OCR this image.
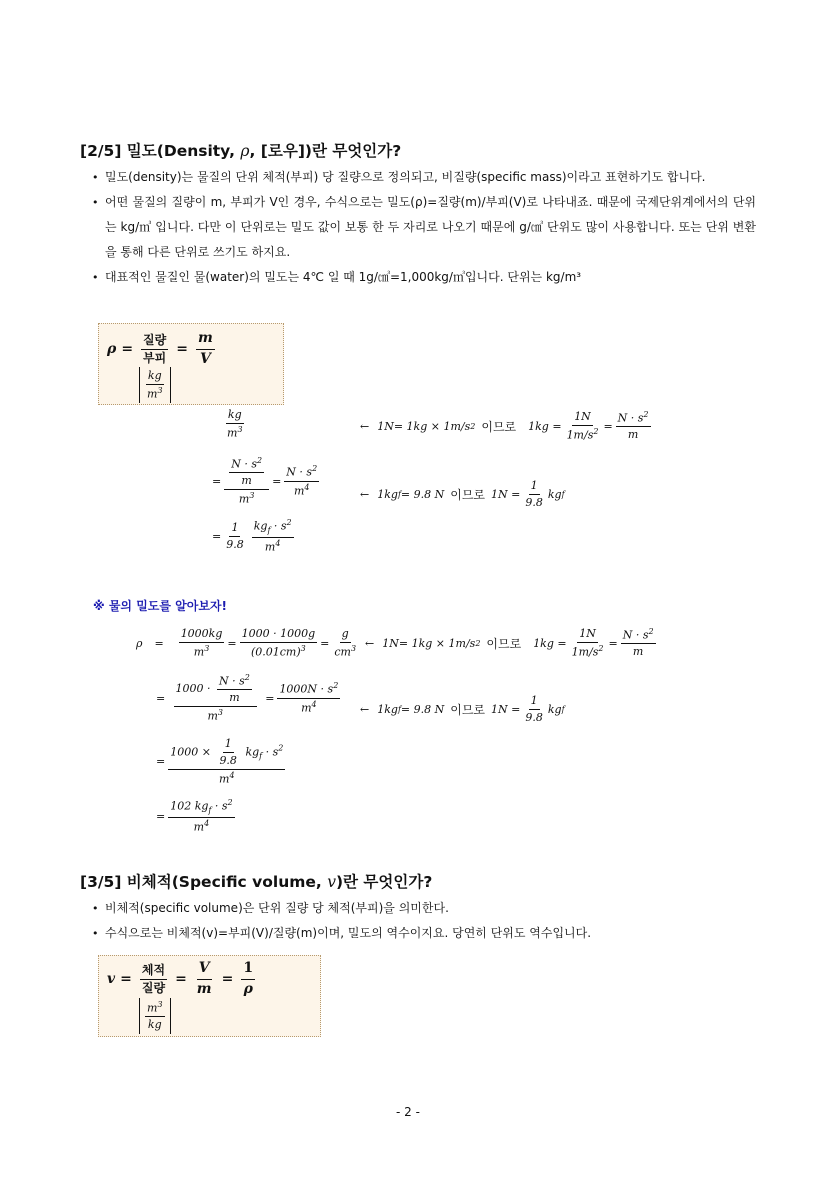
[2/5] 밀도(Density, ρ, [로우])란 무엇인가?
• 밀도(density)는 물질의 단위 체적(부피) 당 질량으로 정의되고, 비질량(specific mass)이라고 표현하기도 합니다.
• 어떤 물질의 질량이 m, 부피가 V인 경우, 수식으로는 밀도(ρ)=질량(m)/부피(V)로 나타내죠. 때문에 국제단위계에서의 단위는 kg/㎥ 입니다. 다만 이 단위로는 밀도 값이 보통 한 두 자리로 나오기 때문에 g/㎤ 단위도 많이 사용합니다. 또는 단위 변환을 통해 다른 단위로 쓰기도 하지요.
• 대표적인 물질인 물(water)의 밀도는 4℃ 일 때 1g/㎤=1,000kg/㎥입니다. 단위는 kg/m³
$\rho = \frac{\text{질량}}{\text{부피}} = \frac{m}{V}$
$\frac{kg}{m^3}$
$\frac{kg}{m^3}$	← 1N= 1kg × 1m/s 2 이므로 $1kg = \frac{1N}{1m/s^2} = \frac{N \cdot s^2}{m}$
= $\frac{\frac{N \cdot s^2}{m}}{m^3} = \frac{N \cdot s^2}{m^4}$	← 1kg f = 9.8 N 이므로 $1N = \frac{1}{9.8}$ kg f
= $\frac{1}{9.8} \frac{kg_f \cdot s^2}{m^4}$
※ 물의 밀도를 알아보자!
$\rho = \frac{1000kg}{m^3} = \frac{1000 \cdot 1000g}{(0.01cm)^3} = \frac{g}{cm^3}$ ← 1N= 1kg × 1m/s 2 이므로 $1kg = \frac{1N}{1m/s^2} = \frac{N \cdot s^2}{m}$
= $\frac{1000 \cdot \frac{N \cdot s^2}{m}}{m^3} = \frac{1000N \cdot s^2}{m^4}$ ← 1kg f = 9.8 N 이므로 $1N = \frac{1}{9.8}$ kg f
= $\frac{1000 \times \frac{1}{9.8} kg_f \cdot s^2}{m^4}$
= $\frac{102 kg_f \cdot s^2}{m^4}$
[3/5] 비체적(Specific volume, v)란 무엇인가?
• 비체적(specific volume)은 단위 질량 당 체적(부피)을 의미한다.
• 수식으로는 비체적(v)=부피(V)/질량(m)이며, 밀도의 역수이지요. 당연히 단위도 역수입니다.
$v = \frac{\text{체적}}{\text{질량}} = \frac{V}{m} = \frac{1}{\rho}$
$\frac{m^3}{kg}$
- 2 -
